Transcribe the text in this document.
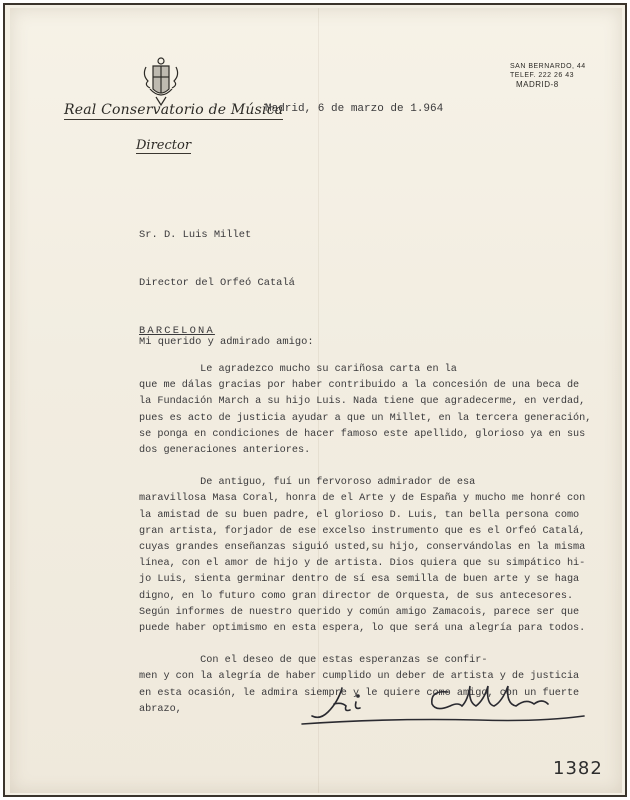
Real Conservatorio de Música
Director
SAN BERNARDO, 44
TELEF. 222 26 43
MADRID-8
Madrid, 6 de marzo de 1.964

Sr. D. Luis Millet

Director del Orfeó Catalá

BARCELONA

Mi querido y admirado amigo:
Le agradezco mucho su cariñosa carta en la
que me dálas gracias por haber contribuido a la concesión de una beca de
la Fundación March a su hijo Luis. Nada tiene que agradecerme, en verdad,
pues es acto de justicia ayudar a que un Millet, en la tercera generación,
se ponga en condiciones de hacer famoso este apellido, glorioso ya en sus
dos generaciones anteriores.
De antiguo, fuí un fervoroso admirador de esa
maravillosa Masa Coral, honra de el Arte y de España y mucho me honré con
la amistad de su buen padre, el glorioso D. Luis, tan bella persona como
gran artista, forjador de ese excelso instrumento que es el Orfeó Catalá,
cuyas grandes enseñanzas siguió usted,su hijo, conservándolas en la misma
línea, con el amor de hijo y de artista. Dios quiera que su simpático hi-
jo Luis, sienta germinar dentro de sí esa semilla de buen arte y se haga
digno, en lo futuro como gran director de Orquesta, de sus antecesores.
Según informes de nuestro querido y común amigo Zamacois, parece ser que
puede haber optimismo en esta espera, lo que será una alegría para todos.
Con el deseo de que estas esperanzas se confir-
men y con la alegría de haber cumplido un deber de artista y de justicia
en esta ocasión, le admira siempre y le quiere como amigo, con un fuerte
abrazo,
1382
